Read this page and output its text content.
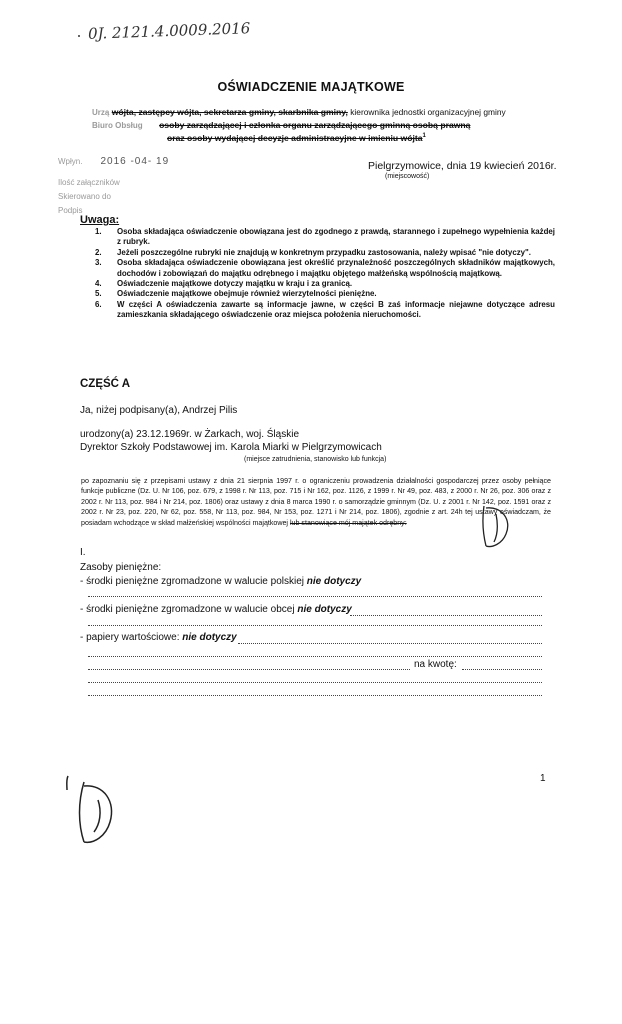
0J. 2121.4.0009.2016
OŚWIADCZENIE MAJĄTKOWE
Urzą wójta, zastępcy wójta, sekretarza gminy, skarbnika gminy, kierownika jednostki organizacyjnej gminy
Biuro Obsług osoby zarządzającej i członka organu zarządzającego gminną osobą prawną
oraz osoby wydającej decyzje administracyjne w imieniu wójta$^1$
Wpłyn. 2016 -04- 19
Ilość załączników
Skierowano do
Podpis
Pielgrzymowice, dnia 19 kwiecień 2016r.
(miejscowość)
Uwaga:
1.	Osoba składająca oświadczenie obowiązana jest do zgodnego z prawdą, starannego i zupełnego wypełnienia każdej z rubryk.
2.	Jeżeli poszczególne rubryki nie znajdują w konkretnym przypadku zastosowania, należy wpisać "nie dotyczy".
3.	Osoba składająca oświadczenie obowiązana jest określić przynależność poszczególnych składników majątkowych, dochodów i zobowiązań do majątku odrębnego i majątku objętego małżeńską wspólnością majątkową.
4.	Oświadczenie majątkowe dotyczy majątku w kraju i za granicą.
5.	Oświadczenie majątkowe obejmuje również wierzytelności pieniężne.
6.	W części A oświadczenia zawarte są informacje jawne, w części B zaś informacje niejawne dotyczące adresu zamieszkania składającego oświadczenie oraz miejsca położenia nieruchomości.
CZĘŚĆ A
Ja, niżej podpisany(a), Andrzej Pilis
urodzony(a) 23.12.1969r. w Żarkach, woj. Śląskie
Dyrektor Szkoły Podstawowej im. Karola Miarki w Pielgrzymowicach
(miejsce zatrudnienia, stanowisko lub funkcja)
po zapoznaniu się z przepisami ustawy z dnia 21 sierpnia 1997 r. o ograniczeniu prowadzenia działalności gospodarczej przez osoby pełniące funkcje publiczne (Dz. U. Nr 106, poz. 679, z 1998 r. Nr 113, poz. 715 i Nr 162, poz. 1126, z 1999 r. Nr 49, poz. 483, z 2000 r. Nr 26, poz. 306 oraz z 2002 r. Nr 113, poz. 984 i Nr 214, poz. 1806) oraz ustawy z dnia 8 marca 1990 r. o samorządzie gminnym (Dz. U. z 2001 r. Nr 142, poz. 1591 oraz z 2002 r. Nr 23, poz. 220, Nr 62, poz. 558, Nr 113, poz. 984, Nr 153, poz. 1271 i Nr 214, poz. 1806), zgodnie z art. 24h tej ustawy oświadczam, że posiadam wchodzące w skład małżeńskiej wspólności majątkowej lub stanowiące mój majątek odrębny:
I.
Zasoby pieniężne:
- środki pieniężne zgromadzone w walucie polskiej nie dotyczy
- środki pieniężne zgromadzone w walucie obcej nie dotyczy
- papiery wartościowe: nie dotyczy
na kwotę:
1
